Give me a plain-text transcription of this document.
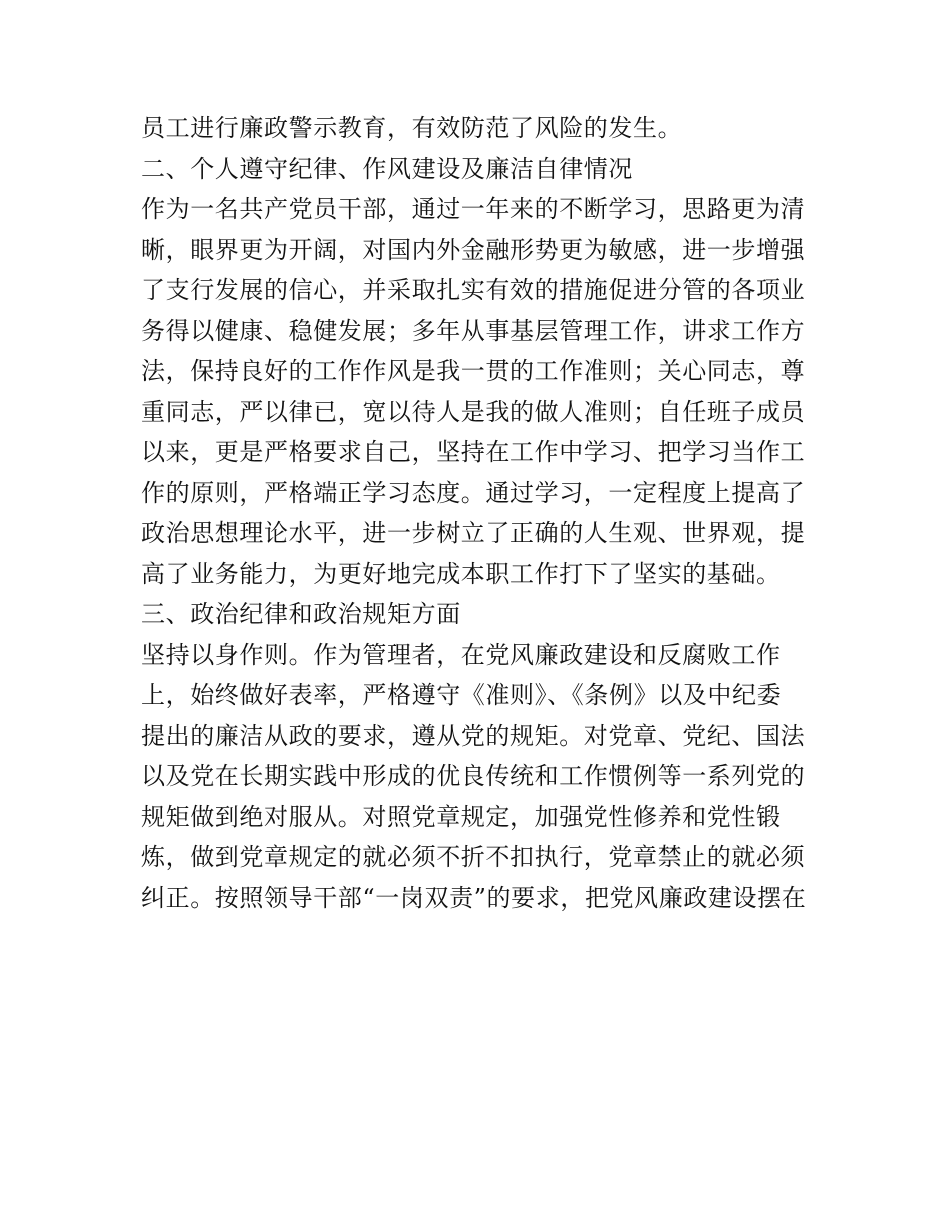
员工进行廉政警示教育，有效防范了风险的发生。
二、个人遵守纪律、作风建设及廉洁自律情况
作为一名共产党员干部，通过一年来的不断学习，思路更为清
晰，眼界更为开阔，对国内外金融形势更为敏感，进一步增强
了支行发展的信心，并采取扎实有效的措施促进分管的各项业
务得以健康、稳健发展；多年从事基层管理工作，讲求工作方
法，保持良好的工作作风是我一贯的工作准则；关心同志，尊
重同志，严以律已，宽以待人是我的做人准则；自任班子成员
以来，更是严格要求自己，坚持在工作中学习、把学习当作工
作的原则，严格端正学习态度。通过学习，一定程度上提高了
政治思想理论水平，进一步树立了正确的人生观、世界观，提
高了业务能力，为更好地完成本职工作打下了坚实的基础。
三、政治纪律和政治规矩方面
坚持以身作则。作为管理者，在党风廉政建设和反腐败工作
上，始终做好表率，严格遵守《准则》、《条例》以及中纪委
提出的廉洁从政的要求，遵从党的规矩。对党章、党纪、国法
以及党在长期实践中形成的优良传统和工作惯例等一系列党的
规矩做到绝对服从。对照党章规定，加强党性修养和党性锻
炼，做到党章规定的就必须不折不扣执行，党章禁止的就必须
纠正。按照领导干部“一岗双责”的要求，把党风廉政建设摆在
